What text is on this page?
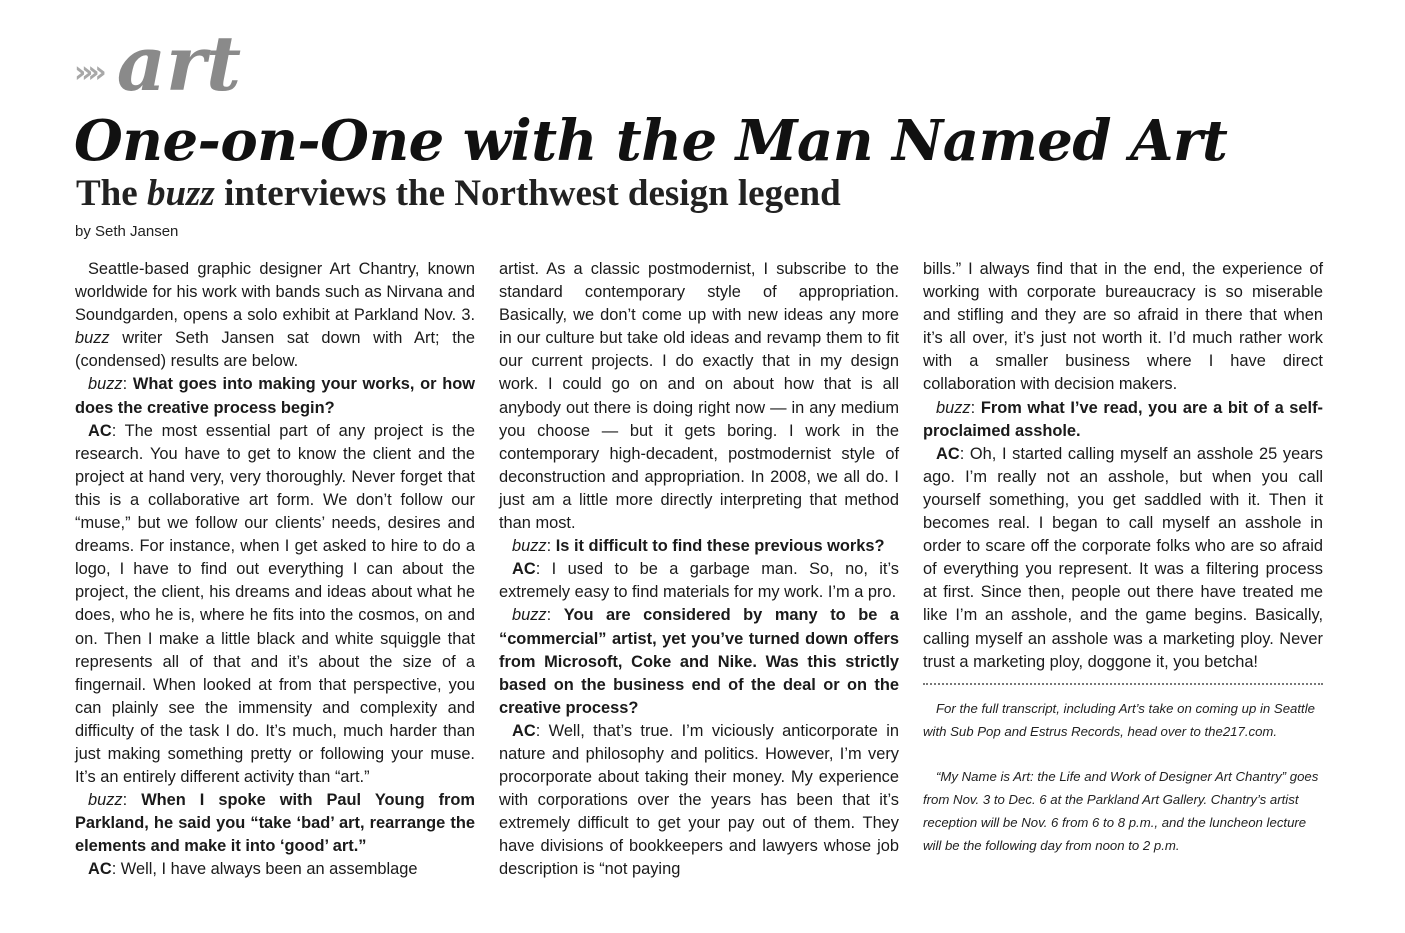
»» art
One-on-One with the Man Named Art
The buzz interviews the Northwest design legend
by Seth Jansen

Seattle-based graphic designer Art Chantry, known worldwide for his work with bands such as Nirvana and Soundgarden, opens a solo exhibit at Parkland Nov. 3. buzz writer Seth Jansen sat down with Art; the (condensed) results are below.

buzz: What goes into making your works, or how does the creative process begin?

AC: The most essential part of any project is the research. You have to get to know the client and the project at hand very, very thoroughly. Never forget that this is a collaborative art form. We don’t follow our “muse,” but we follow our clients’ needs, desires and dreams. For instance, when I get asked to hire to do a logo, I have to find out everything I can about the project, the client, his dreams and ideas about what he does, who he is, where he fits into the cosmos, on and on. Then I make a little black and white squiggle that represents all of that and it’s about the size of a fingernail. When looked at from that perspective, you can plainly see the immensity and complexity and difficulty of the task I do. It’s much, much harder than just making something pretty or following your muse. It’s an entirely different activity than “art.”

buzz: When I spoke with Paul Young from Parkland, he said you “take ‘bad’ art, rearrange the elements and make it into ‘good’ art.”

AC: Well, I have always been an assemblage

artist. As a classic postmodernist, I subscribe to the standard contemporary style of appropriation. Basically, we don’t come up with new ideas any more in our culture but take old ideas and revamp them to fit our current projects. I do exactly that in my design work. I could go on and on about how that is all anybody out there is doing right now — in any medium you choose — but it gets boring. I work in the contemporary high-decadent, postmodernist style of deconstruction and appropriation. In 2008, we all do. I just am a little more directly interpreting that method than most.

buzz: Is it difficult to find these previous works?

AC: I used to be a garbage man. So, no, it’s extremely easy to find materials for my work. I’m a pro.

buzz: You are considered by many to be a “commercial” artist, yet you’ve turned down offers from Microsoft, Coke and Nike. Was this strictly based on the business end of the deal or on the creative process?

AC: Well, that’s true. I’m viciously anticorporate in nature and philosophy and politics. However, I’m very procorporate about taking their money. My experience with corporations over the years has been that it’s extremely difficult to get your pay out of them. They have divisions of bookkeepers and lawyers whose job description is “not paying

bills.” I always find that in the end, the experience of working with corporate bureaucracy is so miserable and stifling and they are so afraid in there that when it’s all over, it’s just not worth it. I’d much rather work with a smaller business where I have direct collaboration with decision makers.

buzz: From what I’ve read, you are a bit of a self-proclaimed asshole.

AC: Oh, I started calling myself an asshole 25 years ago. I’m really not an asshole, but when you call yourself something, you get saddled with it. Then it becomes real. I began to call myself an asshole in order to scare off the corporate folks who are so afraid of everything you represent. It was a filtering process at first. Since then, people out there have treated me like I’m an asshole, and the game begins. Basically, calling myself an asshole was a marketing ploy. Never trust a marketing ploy, doggone it, you betcha!

For the full transcript, including Art’s take on coming up in Seattle with Sub Pop and Estrus Records, head over to the217.com.

“My Name is Art: the Life and Work of Designer Art Chantry” goes from Nov. 3 to Dec. 6 at the Parkland Art Gallery. Chantry’s artist reception will be Nov. 6 from 6 to 8 p.m., and the luncheon lecture will be the following day from noon to 2 p.m.
